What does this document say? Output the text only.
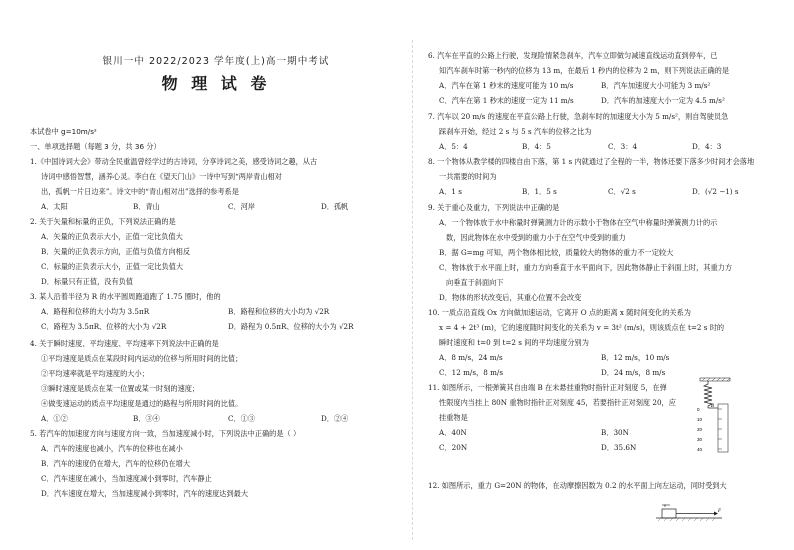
银川一中 2022/2023 学年度(上)高一期中考试
物 理 试 卷
本试卷中 g=10m/s²
一、单项选择题（每题 3 分，共 36 分）
1.《中国诗词大会》带动全民重温曾经学过的古诗词，分享诗词之美，感受诗词之趣，从古
诗词中感悟智慧，涵养心灵。李白在《望天门山》一诗中写到“两岸青山相对
出，孤帆一片日边来”。诗文中的“青山相对出”选择的参考系是
A．太阳	B．青山	C．河岸	D．孤帆
2. 关于矢量和标量的正负，下列说法正确的是
A．矢量的正负表示大小，正值一定比负值大
B．矢量的正负表示方向，正值与负值方向相反
C．标量的正负表示大小，正值一定比负值大
D．标量只有正值，没有负值
3. 某人沿着半径为 R 的水平圆周跑道跑了 1.75 圈时，他的
A．路程和位移的大小均为 3.5πR	B．路程和位移的大小均为 √2R
C．路程为 3.5πR、位移的大小为 √2R	D．路程为 0.5πR、位移的大小为 √2R
4. 关于瞬时速度、平均速度、平均速率下列说法中正确的是
①平均速度是质点在某段时间内运动的位移与所用时间的比值；
②平均速率就是平均速度的大小；
③瞬时速度是质点在某一位置或某一时刻的速度；
④做变速运动的质点平均速度是通过的路程与所用时间的比值。
A．①②	B．③④	C．①③	D．②④
5. 若汽车的加速度方向与速度方向一致，当加速度减小时，下列说法中正确的是（ ）
A．汽车的速度也减小，汽车的位移也在减小
B．汽车的速度仍在增大，汽车的位移仍在增大
C．汽车速度在减小，当加速度减小到零时，汽车静止
D．汽车速度在增大，当加速度减小到零时，汽车的速度达到最大
6. 汽车在平直的公路上行驶，发现险情紧急刹车，汽车立即做匀减速直线运动直到停车，已
知汽车刹车时第一秒内的位移为 13 m，在最后 1 秒内的位移为 2 m，则下列说法正确的是
A．汽车在第 1 秒末的速度可能为 10 m/s	B．汽车加速度大小可能为 3 m/s²
C．汽车在第 1 秒末的速度一定为 11 m/s	D．汽车的加速度大小一定为 4.5 m/s²
7. 汽车以 20 m/s 的速度在平直公路上行驶，急刹车时的加速度大小为 5 m/s²，则自驾驶员急
踩刹车开始，经过 2 s 与 5 s 汽车的位移之比为
A．5：4	B．4：5	C．3：4	D．4：3
8. 一个物体从教学楼的四楼自由下落，第 1 s 内就通过了全程的一半，物体还要下落多少时间才会落地
一共需要的时间为
A．1 s	B．1．5 s	C．√2 s	D．(√2 −1) s
9. 关于重心及重力，下列说法中正确的是
A．一个物体放于水中称量时弹簧测力计的示数小于物体在空气中称量时弹簧测力计的示
数，因此物体在水中受到的重力小于在空气中受到的重力
B．据 G=mg 可知，两个物体相比较，质量较大的物体的重力不一定较大
C．物体放于水平面上时，重力方向垂直于水平面向下，因此物体静止于斜面上时，其重力方
向垂直于斜面向下
D．物体的形状改变后，其重心位置不会改变
10. 一质点沿直线 Ox 方向做加速运动，它离开 O 点的距离 x 随时间变化的关系为
x = 4 + 2t³ (m)，它的速度随时间变化的关系为 v = 3t² (m/s)，则该质点在 t=2 s 时的
瞬时速度和 t=0 到 t=2 s 间的平均速度分别为
A．8 m/s，24 m/s	B．12 m/s，10 m/s
C．12 m/s，8 m/s	D．24 m/s，8 m/s
11. 如图所示，一根弹簧其自由端 B 在未悬挂重物时指针正对刻度 5，在弹
性限度内当挂上 80N 重物时指针正对刻度 45，若要指针正对刻度 20，应
挂重物是
A．40N	B．30N
C．20N	D．35.6N
B
0
10
20
30
40
12. 如图所示，重力 G=20N 的物体，在动摩擦因数为 0.2 的水平面上向左运动，同时受到大
v
F
